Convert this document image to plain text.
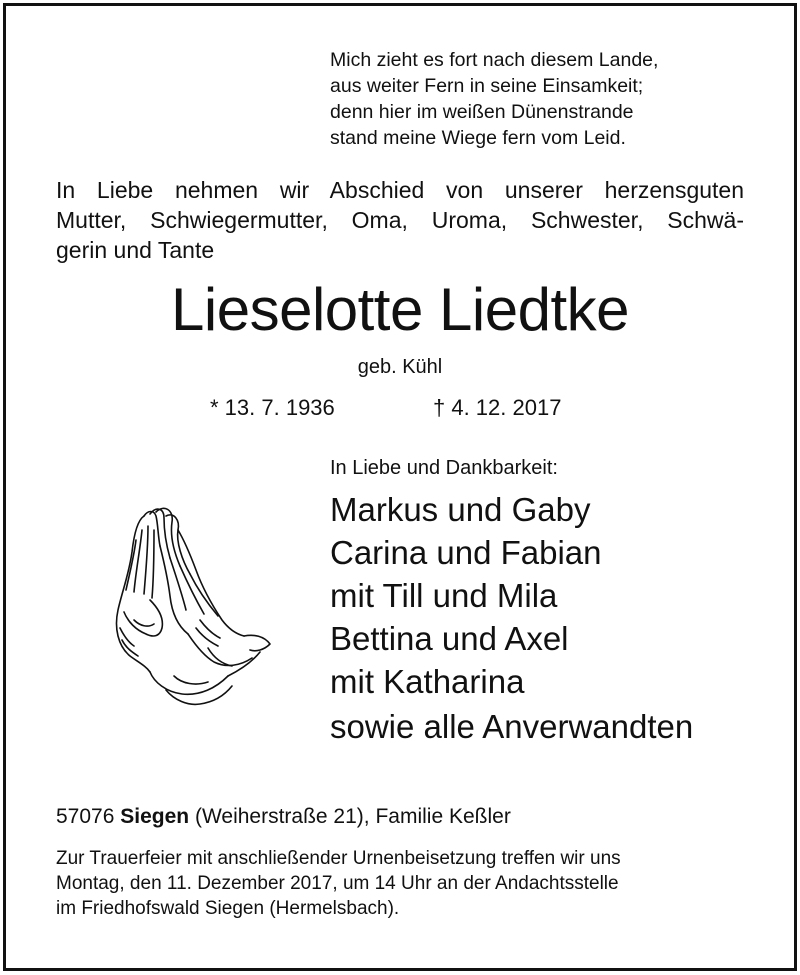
Mich zieht es fort nach diesem Lande,
aus weiter Fern in seine Einsamkeit;
denn hier im weißen Dünenstrande
stand meine Wiege fern vom Leid.
In Liebe nehmen wir Abschied von unserer herzensguten
Mutter, Schwiegermutter, Oma, Uroma, Schwester, Schwä-
gerin und Tante
Lieselotte Liedtke
geb. Kühl
* 13. 7. 1936	† 4. 12. 2017
In Liebe und Dankbarkeit:
Markus und Gaby
Carina und Fabian
mit Till und Mila
Bettina und Axel
mit Katharina
sowie alle Anverwandten
57076 Siegen (Weiherstraße 21), Familie Keßler
Zur Trauerfeier mit anschließender Urnenbeisetzung treffen wir uns
Montag, den 11. Dezember 2017, um 14 Uhr an der Andachtsstelle
im Friedhofswald Siegen (Hermelsbach).
